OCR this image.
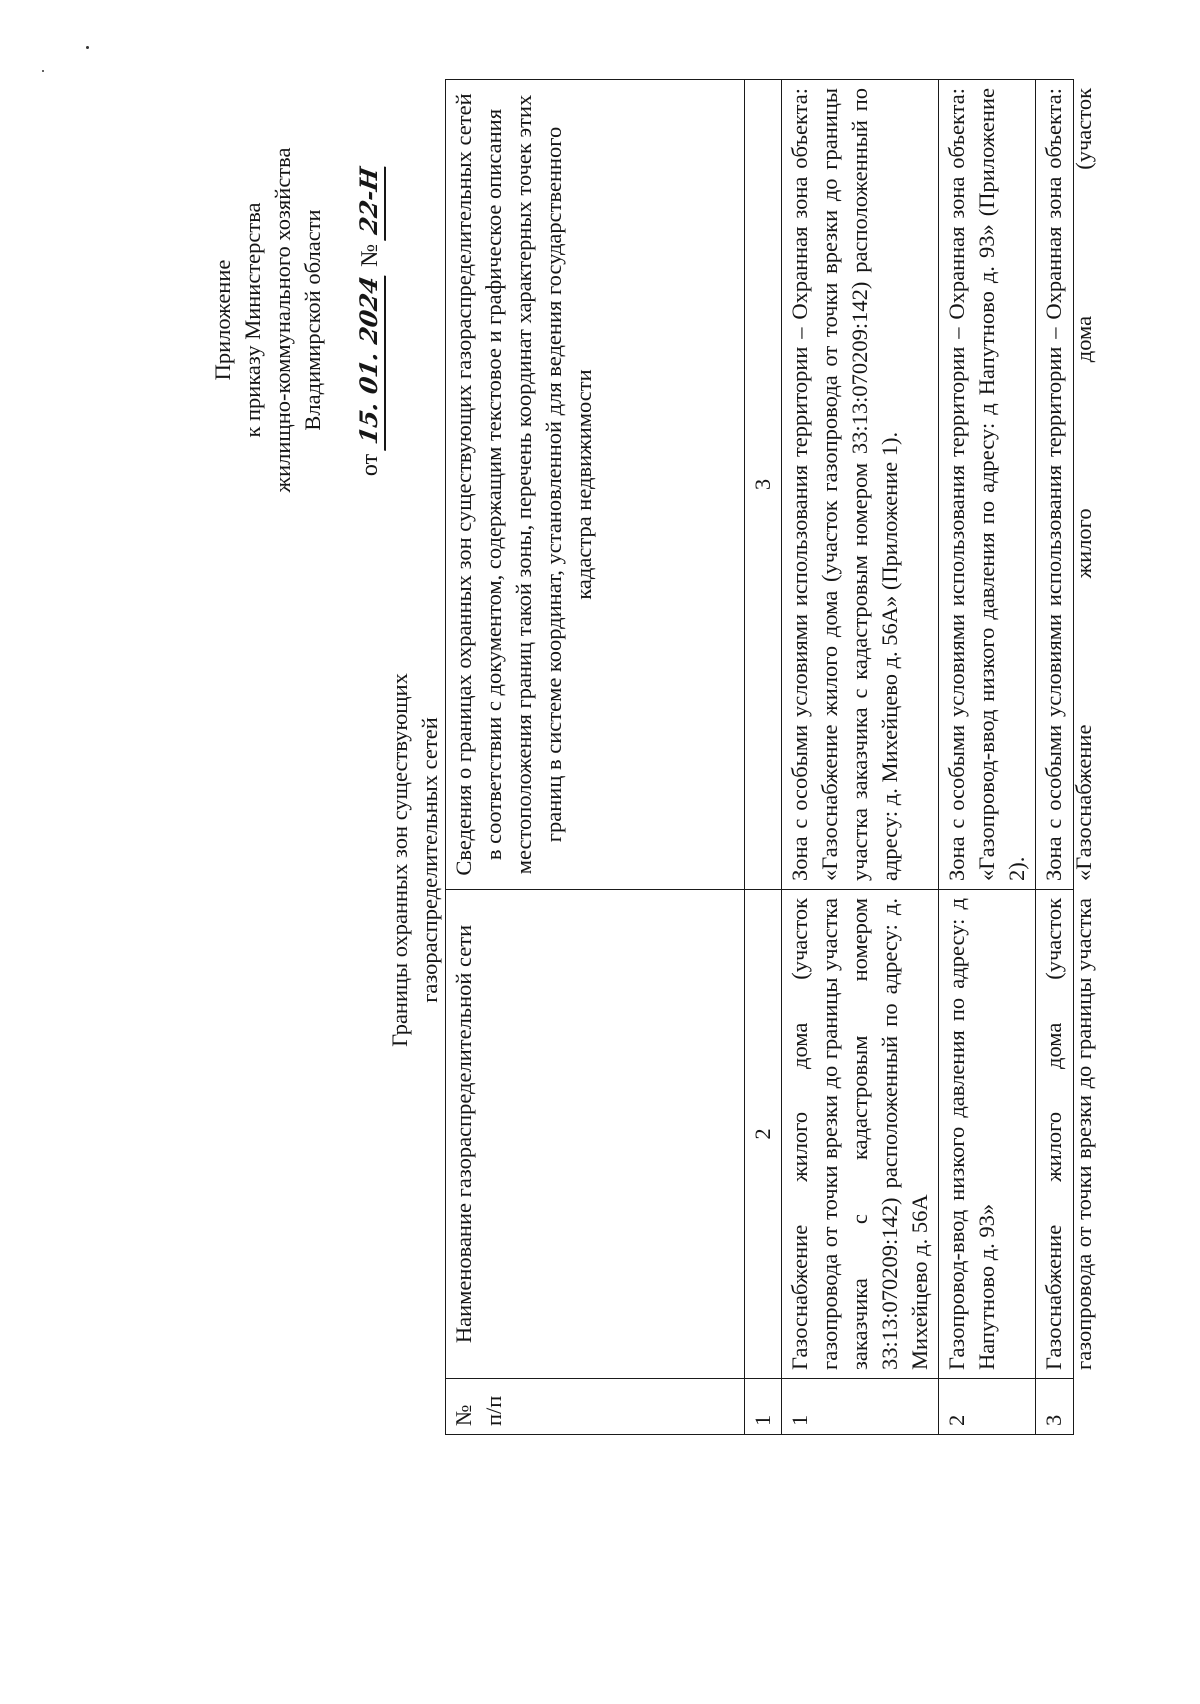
Приложение к приказу Министерства жилищно-коммунального хозяйства Владимирской области
от 15. 01. 2024 № 22-Н
Границы охранных зон существующих газораспределительных сетей
№ п/п	Наименование газораспределительной сети	Сведения о границах охранных зон существующих газораспределительных сетей в соответствии с документом, содержащим текстовое и графическое описания местоположения границ такой зоны, перечень координат характерных точек этих границ в системе координат, установленной для ведения государственного кадастра недвижимости
1	2	3
1	Газоснабжение жилого дома (участок газопровода от точки врезки до границы участка заказчика с кадастровым номером 33:13:070209:142) расположенный по адресу: д. Михейцево д. 56А	Зона с особыми условиями использования территории – Охранная зона объекта: «Газоснабжение жилого дома (участок газопровода от точки врезки до границы участка заказчика с кадастровым номером 33:13:070209:142) расположенный по адресу: д. Михейцево д. 56А» (Приложение 1).
2	Газопровод-ввод низкого давления по адресу: д Напутново д. 93»	Зона с особыми условиями использования территории – Охранная зона объекта: «Газопровод-ввод низкого давления по адресу: д Напутново д. 93» (Приложение 2).
3	Газоснабжение жилого дома (участок газопровода от точки врезки до границы участка	Зона с особыми условиями использования территории – Охранная зона объекта: «Газоснабжение жилого дома (участок
